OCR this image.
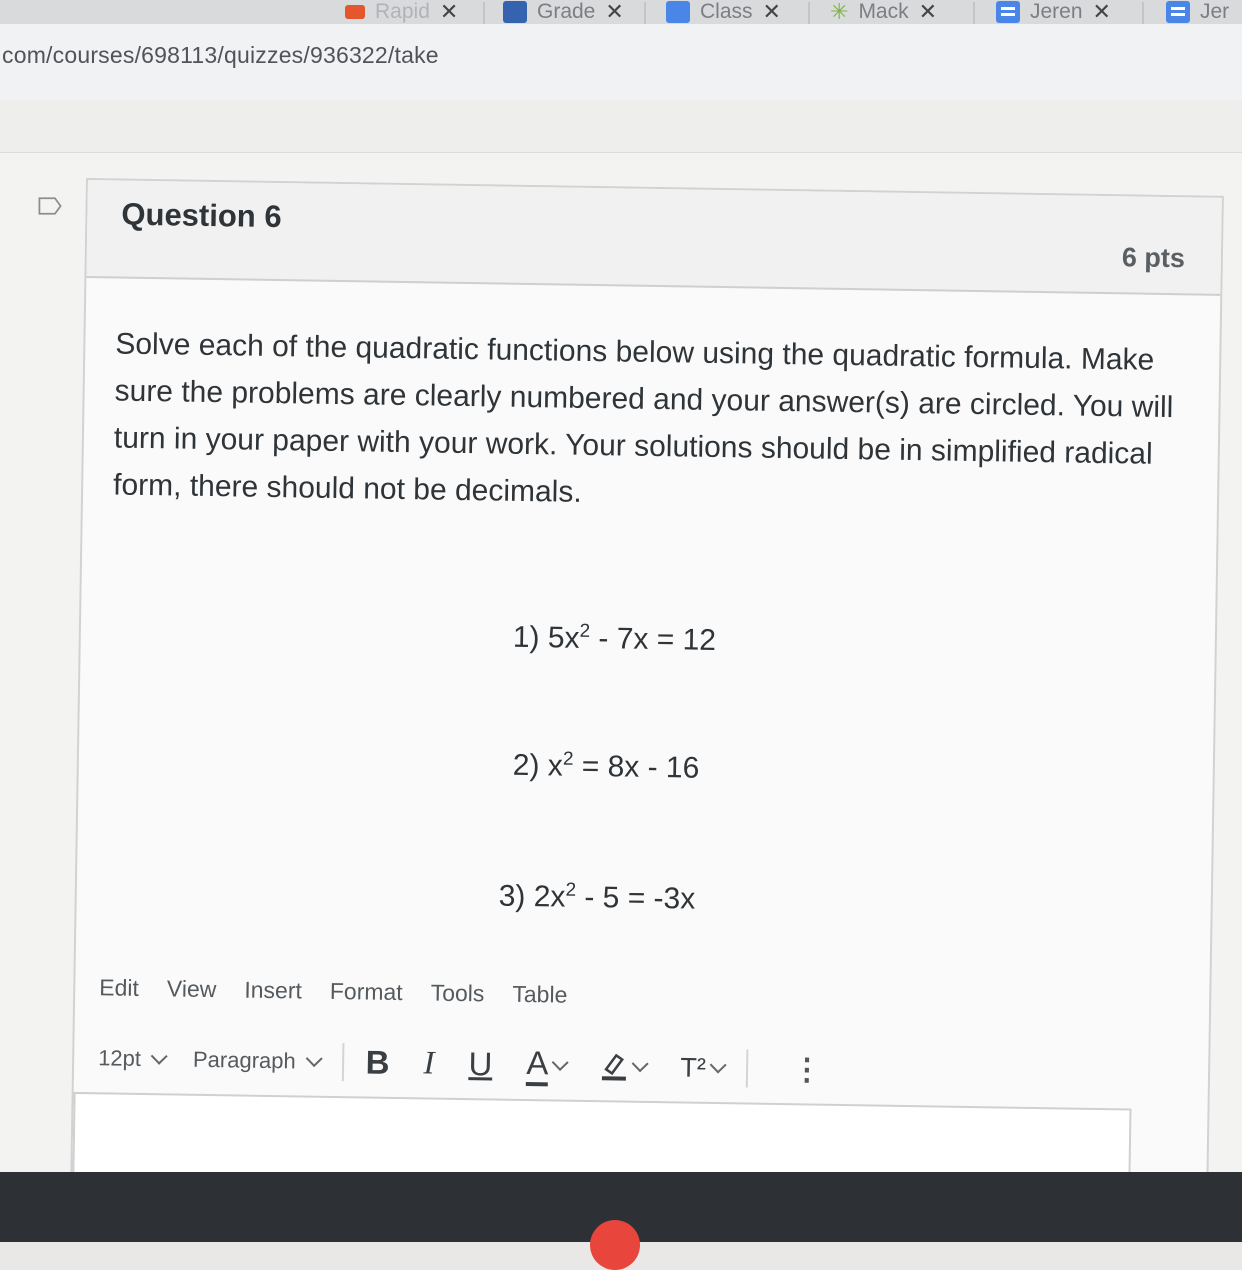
Rapid ✕	Grade ✕	Class ✕ ✳ Mack ✕	Jeren ✕	Jer
com/courses/698113/quizzes/936322/take
Question 6
6 pts
Solve each of the quadratic functions below using the quadratic formula. Make sure the problems are clearly numbered and your answer(s) are circled. You will turn in your paper with your work. Your solutions should be in simplified radical form, there should not be decimals.
1) $5x^2 - 7x = 12$
2) $x^2 = 8x - 16$
3) $2x^2 - 5 = -3x$
Edit View Insert Format Tools Table
12pt Paragraph B I U A	T²	⋮
